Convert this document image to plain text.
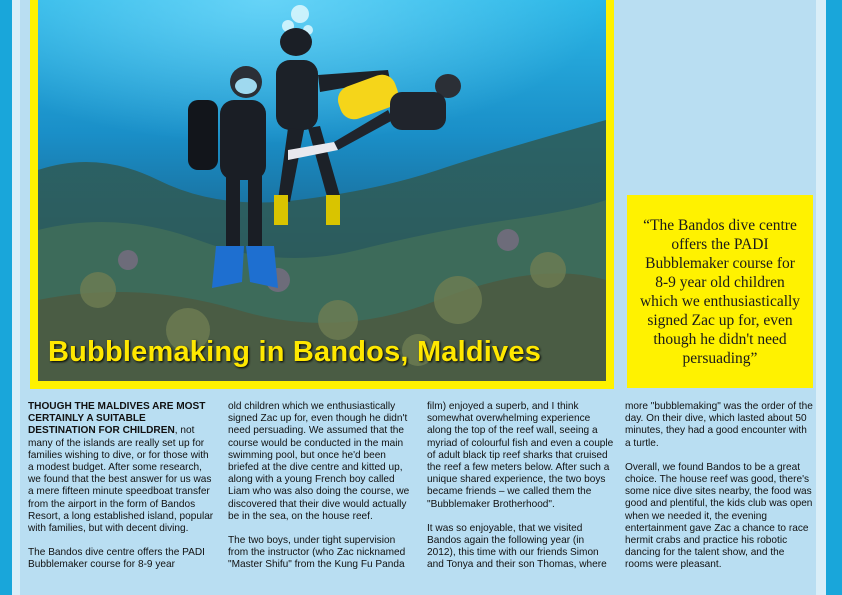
Bubblemaking in Bandos, Maldives

“The Bandos dive centre offers the PADI Bubblemaker course for 8-9 year old children which we enthusiastically signed Zac up for, even though he didn't need persuading”

THOUGH THE MALDIVES ARE MOST CERTAINLY A SUITABLE DESTINATION FOR CHILDREN, not many of the islands are really set up for families wishing to dive, or for those with a modest budget. After some research, we found that the best answer for us was a mere fifteen minute speedboat transfer from the airport in the form of Bandos Resort, a long established island, popular with families, but with decent diving.

The Bandos dive centre offers the PADI Bubblemaker course for 8-9 year

old children which we enthusiastically signed Zac up for, even though he didn't need persuading. We assumed that the course would be conducted in the main swimming pool, but once he'd been briefed at the dive centre and kitted up, along with a young French boy called Liam who was also doing the course, we discovered that their dive would actually be in the sea, on the house reef.

The two boys, under tight supervision from the instructor (who Zac nicknamed "Master Shifu" from the Kung Fu Panda

film) enjoyed a superb, and I think somewhat overwhelming experience along the top of the reef wall, seeing a myriad of colourful fish and even a couple of adult black tip reef sharks that cruised the reef a few meters below. After such a unique shared experience, the two boys became friends – we called them the "Bubblemaker Brotherhood".

It was so enjoyable, that we visited Bandos again the following year (in 2012), this time with our friends Simon and Tonya and their son Thomas, where

more "bubblemaking" was the order of the day. On their dive, which lasted about 50 minutes, they had a good encounter with a turtle.

Overall, we found Bandos to be a great choice. The house reef was good, there's some nice dive sites nearby, the food was good and plentiful, the kids club was open when we needed it, the evening entertainment gave Zac a chance to race hermit crabs and practice his robotic dancing for the talent show, and the rooms were pleasant.
